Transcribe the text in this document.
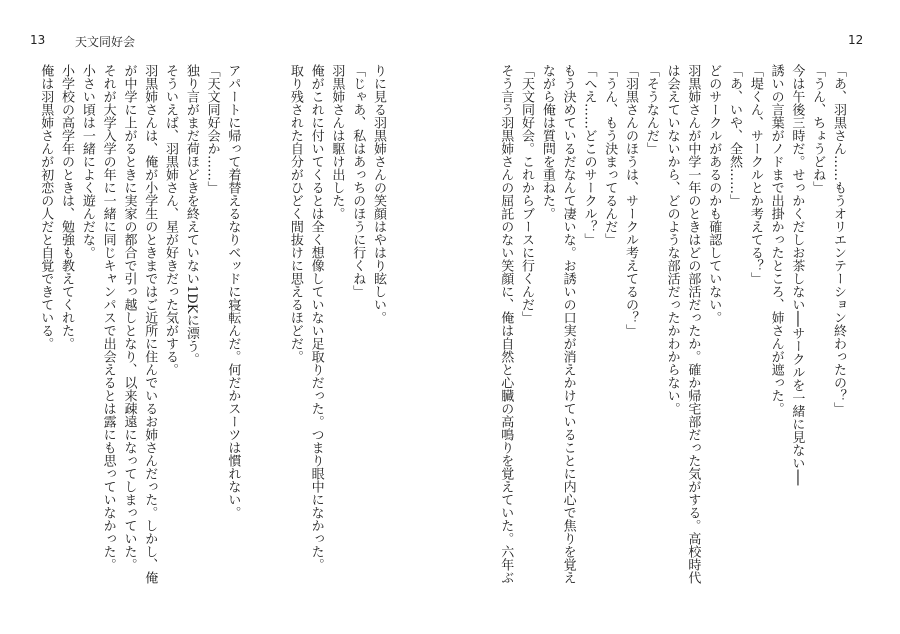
13 天文同好会
りに見る羽黒姉さんの笑顔はやはり眩しい。
「じゃあ、私はあっちのほうに行くね」
羽黒姉さんは駆け出した。
俺がこれに付いてくるとは全く想像していない足取りだった。つまり眼中になかった。
取り残された自分がひどく間抜けに思えるほどだ。
アパートに帰って着替えるなりベッドに寝転んだ。何だかスーツは慣れない。
「天文同好会か……」
独り言がまだ荷ほどきを終えていない1DKに漂う。
そういえば、羽黒姉さん、星が好きだった気がする。
羽黒姉さんは、俺が小学生のときまではご近所に住んでいるお姉さんだった。しかし、俺
が中学に上がるときに実家の都合で引っ越しとなり、以来疎遠になってしまっていた。
それが大学入学の年に一緒に同じキャンパスで出会えるとは露にも思っていなかった。
小さい頃は一緒によく遊んだな。
小学校の高学年のときは、勉強も教えてくれた。
俺は羽黒姉さんが初恋の人だと自覚できている。
12
「あ、羽黒さん……もうオリエンテーション終わったの？」
「うん、ちょうどね」
今は午後三時だ。せっかくだしお茶しない──サークルを一緒に見ない──
誘いの言葉がノドまで出掛かったところ、姉さんが遮った。
「堤くん、サークルとか考えてる？」
「あ、いや、全然……」
どのサークルがあるのかも確認していない。
羽黒姉さんが中学一年のときはどの部活だったか。確か帰宅部だった気がする。高校時代
は会えていないから、どのような部活だったかわからない。
「そうなんだ」
「羽黒さんのほうは、サークル考えてるの？」
「うん、もう決まってるんだ」
「へえ……どこのサークル？」
もう決めているだなんて凄いな。お誘いの口実が消えかけていることに内心で焦りを覚え
ながら俺は質問を重ねた。
「天文同好会。これからブースに行くんだ」
そう言う羽黒姉さんの屈託のない笑顔に、俺は自然と心臓の高鳴りを覚えていた。六年ぶ
